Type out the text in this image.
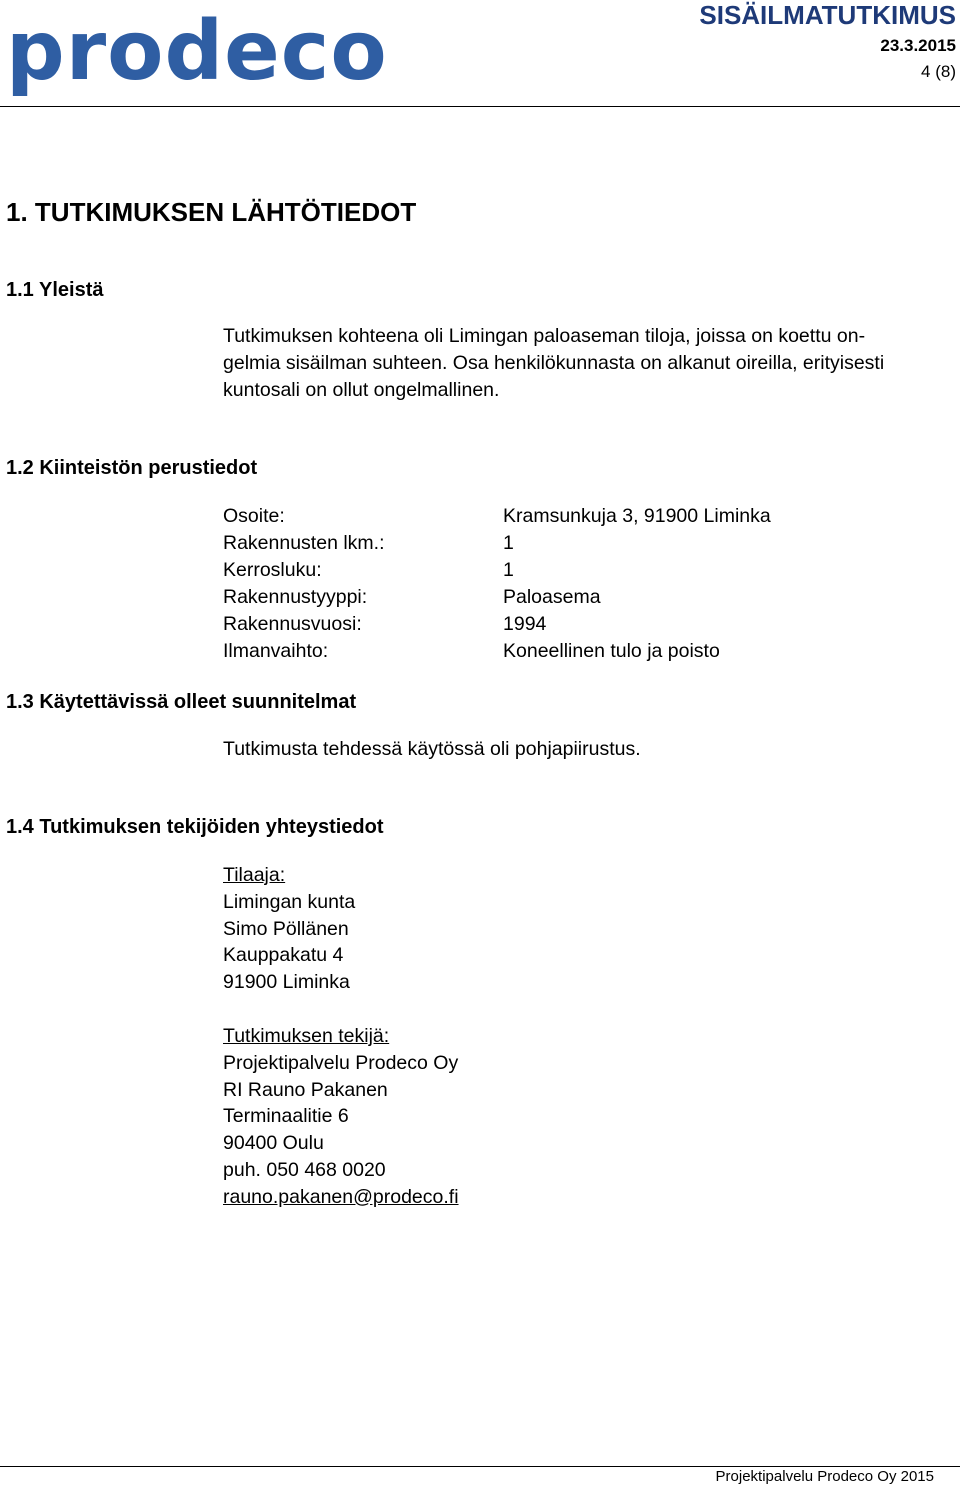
prodeco	SISÄILMATUTKIMUS
23.3.2015
4 (8)
1. TUTKIMUKSEN LÄHTÖTIEDOT
1.1 Yleistä
Tutkimuksen kohteena oli Limingan paloaseman tiloja, joissa on koettu on-
gelmia sisäilman suhteen. Osa henkilökunnasta on alkanut oireilla, erityisesti
kuntosali on ollut ongelmallinen.
1.2 Kiinteistön perustiedot
Osoite:	Kramsunkuja 3, 91900 Liminka
Rakennusten lkm.:	1
Kerrosluku:	1
Rakennustyyppi:	Paloasema
Rakennusvuosi:	1994
Ilmanvaihto:	Koneellinen tulo ja poisto
1.3 Käytettävissä olleet suunnitelmat
Tutkimusta tehdessä käytössä oli pohjapiirustus.
1.4 Tutkimuksen tekijöiden yhteystiedot
Tilaaja:
Limingan kunta
Simo Pöllänen
Kauppakatu 4
91900 Liminka
Tutkimuksen tekijä:
Projektipalvelu Prodeco Oy
RI Rauno Pakanen
Terminaalitie 6
90400 Oulu
puh. 050 468 0020
rauno.pakanen@prodeco.fi
Projektipalvelu Prodeco Oy 2015
